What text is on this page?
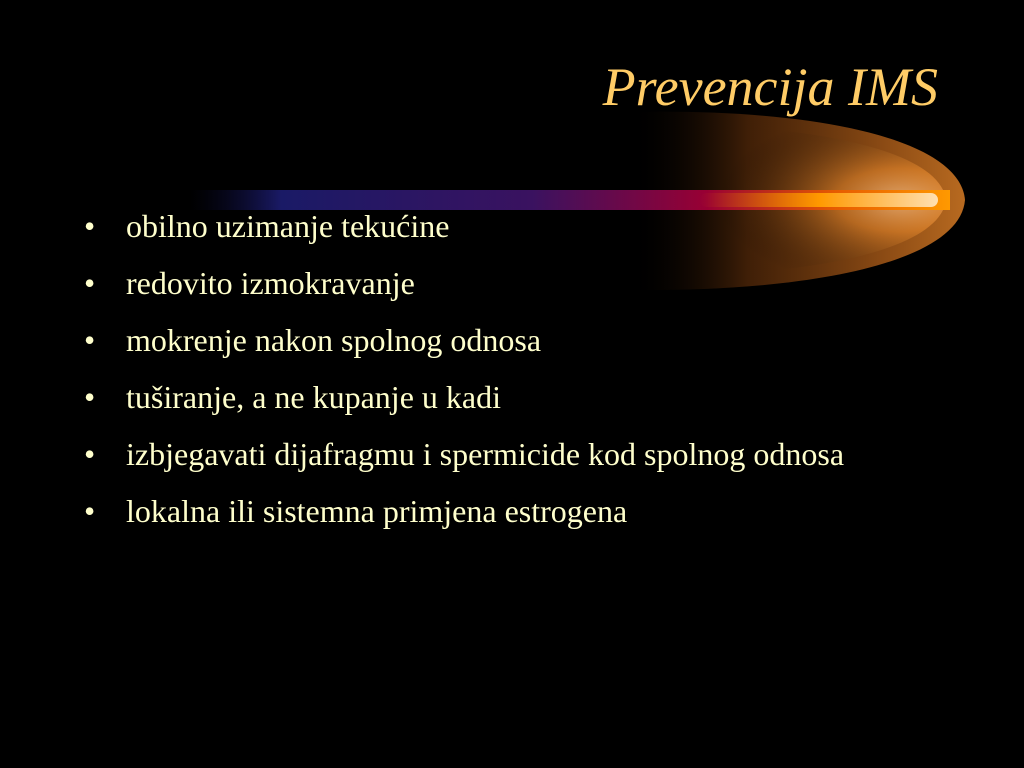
Prevencija IMS
• obilno uzimanje tekućine
• redovito izmokravanje
• mokrenje nakon spolnog odnosa
• tuširanje, a ne kupanje u kadi
• izbjegavati dijafragmu i spermicide kod spolnog odnosa
• lokalna ili sistemna primjena estrogena
